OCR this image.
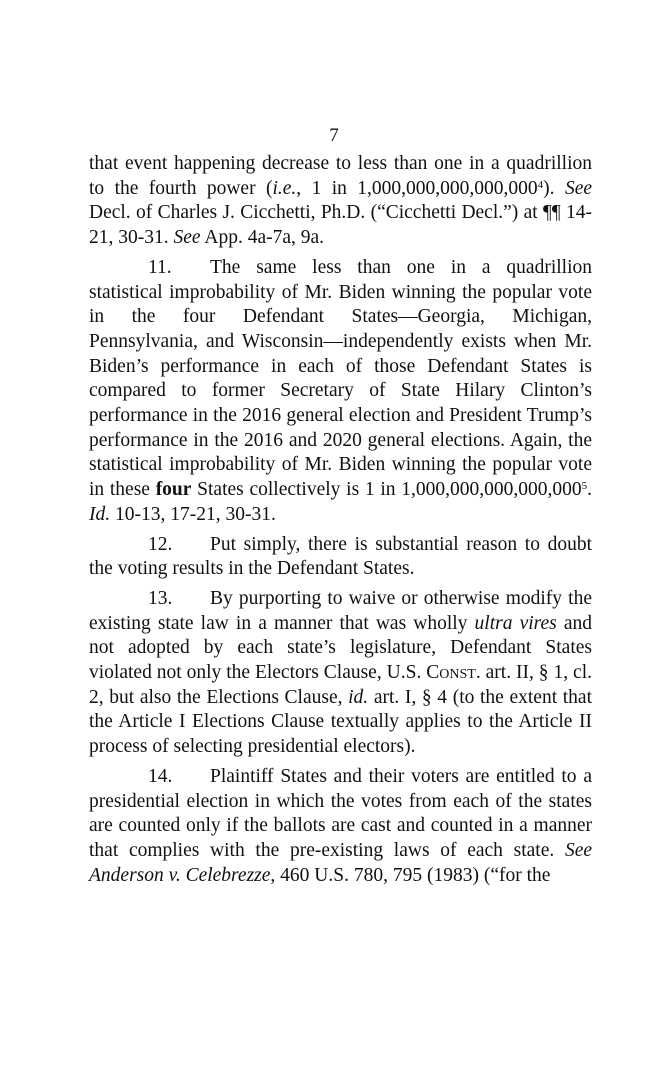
7

that event happening decrease to less than one in a quadrillion to the fourth power (i.e., 1 in 1,000,000,000,000,000$^4$). See Decl. of Charles J. Cicchetti, Ph.D. (“Cicchetti Decl.”) at ¶¶ 14-21, 30-31. See App. 4a-7a, 9a.

11. The same less than one in a quadrillion statistical improbability of Mr. Biden winning the popular vote in the four Defendant States—Georgia, Michigan, Pennsylvania, and Wisconsin—independently exists when Mr. Biden’s performance in each of those Defendant States is compared to former Secretary of State Hilary Clinton’s performance in the 2016 general election and President Trump’s performance in the 2016 and 2020 general elections. Again, the statistical improbability of Mr. Biden winning the popular vote in these four States collectively is 1 in 1,000,000,000,000,000$^5$. Id. 10-13, 17-21, 30-31.

12. Put simply, there is substantial reason to doubt the voting results in the Defendant States.

13. By purporting to waive or otherwise modify the existing state law in a manner that was wholly ultra vires and not adopted by each state’s legislature, Defendant States violated not only the Electors Clause, U.S. Const. art. II, § 1, cl. 2, but also the Elections Clause, id. art. I, § 4 (to the extent that the Article I Elections Clause textually applies to the Article II process of selecting presidential electors).

14. Plaintiff States and their voters are entitled to a presidential election in which the votes from each of the states are counted only if the ballots are cast and counted in a manner that complies with the pre-existing laws of each state. See Anderson v. Celebrezze, 460 U.S. 780, 795 (1983) (“for the
